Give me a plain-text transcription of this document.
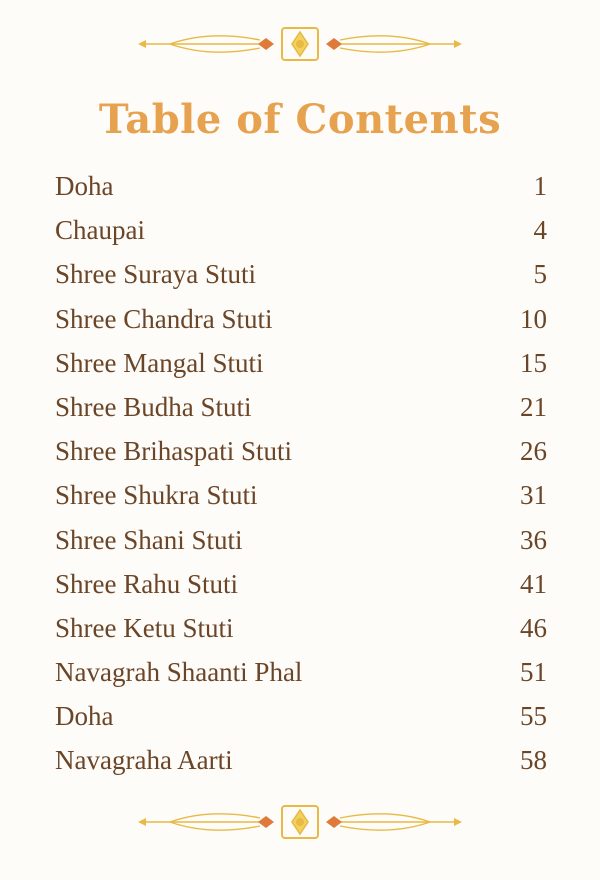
Table of Contents
Doha	1
Chaupai	4
Shree Suraya Stuti	5
Shree Chandra Stuti	10
Shree Mangal Stuti	15
Shree Budha Stuti	21
Shree Brihaspati Stuti	26
Shree Shukra Stuti	31
Shree Shani Stuti	36
Shree Rahu Stuti	41
Shree Ketu Stuti	46
Navagrah Shaanti Phal	51
Doha	55
Navagraha Aarti	58
